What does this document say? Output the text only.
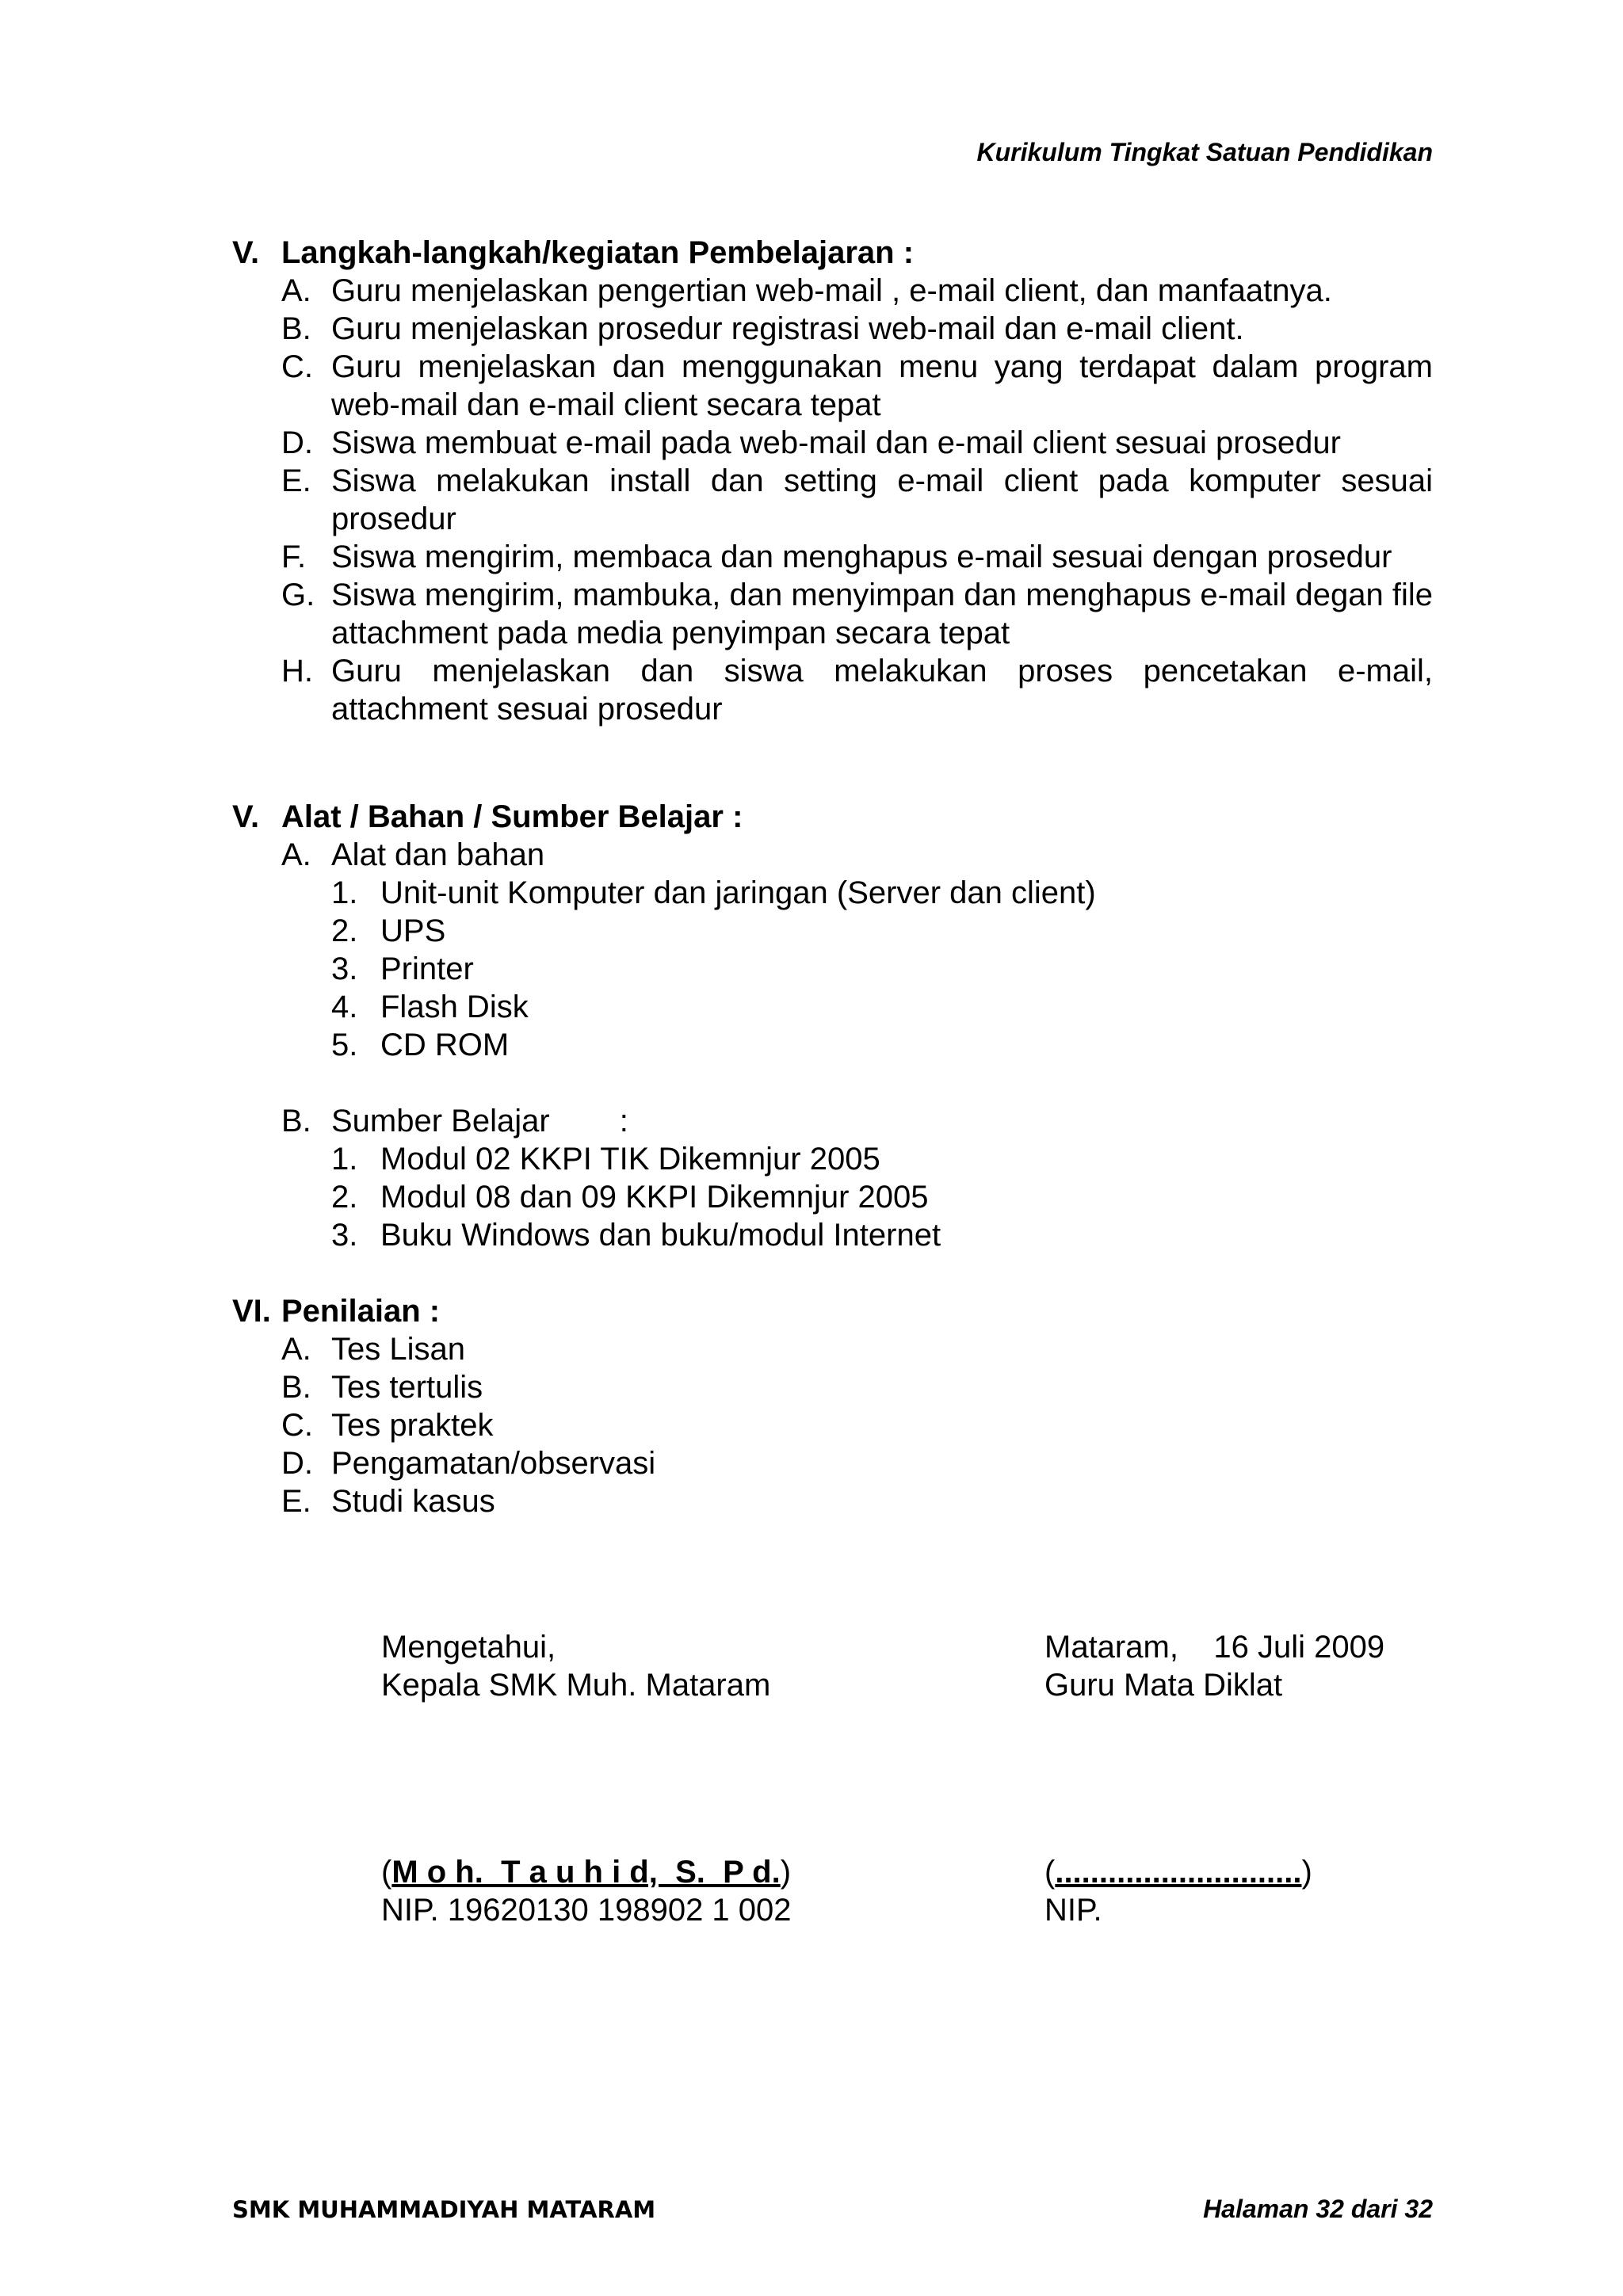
Kurikulum Tingkat Satuan Pendidikan
V. Langkah-langkah/kegiatan Pembelajaran :
A. Guru menjelaskan pengertian web-mail , e-mail client, dan manfaatnya.
B. Guru menjelaskan prosedur registrasi web-mail dan e-mail client.
C. Guru menjelaskan dan menggunakan menu yang terdapat dalam program web-mail dan e-mail client secara tepat
D. Siswa membuat e-mail pada web-mail dan e-mail client sesuai prosedur
E. Siswa melakukan install dan setting e-mail client pada komputer sesuai prosedur
F. Siswa mengirim, membaca dan menghapus e-mail sesuai dengan prosedur
G. Siswa mengirim, mambuka, dan menyimpan dan menghapus e-mail degan file attachment pada media penyimpan secara tepat
H. Guru menjelaskan dan siswa melakukan proses pencetakan e-mail, attachment sesuai prosedur
V. Alat / Bahan / Sumber Belajar :
A. Alat dan bahan
1. Unit-unit Komputer dan jaringan (Server dan client)
2. UPS
3. Printer
4. Flash Disk
5. CD ROM
B. Sumber Belajar :
1. Modul 02 KKPI TIK Dikemnjur 2005
2. Modul 08 dan 09 KKPI Dikemnjur 2005
3. Buku Windows dan buku/modul Internet
VI. Penilaian :
A. Tes Lisan
B. Tes tertulis
C. Tes praktek
D. Pengamatan/observasi
E. Studi kasus
Mengetahui,
Kepala SMK Muh. Mataram
Mataram,    16 Juli 2009
Guru Mata Diklat
(M o h.  T a u h i d,  S.  P d.)
NIP. 19620130 198902 1 002
(............................)
NIP.
SMK MUHAMMADIYAH MATARAM	Halaman 32 dari 32
